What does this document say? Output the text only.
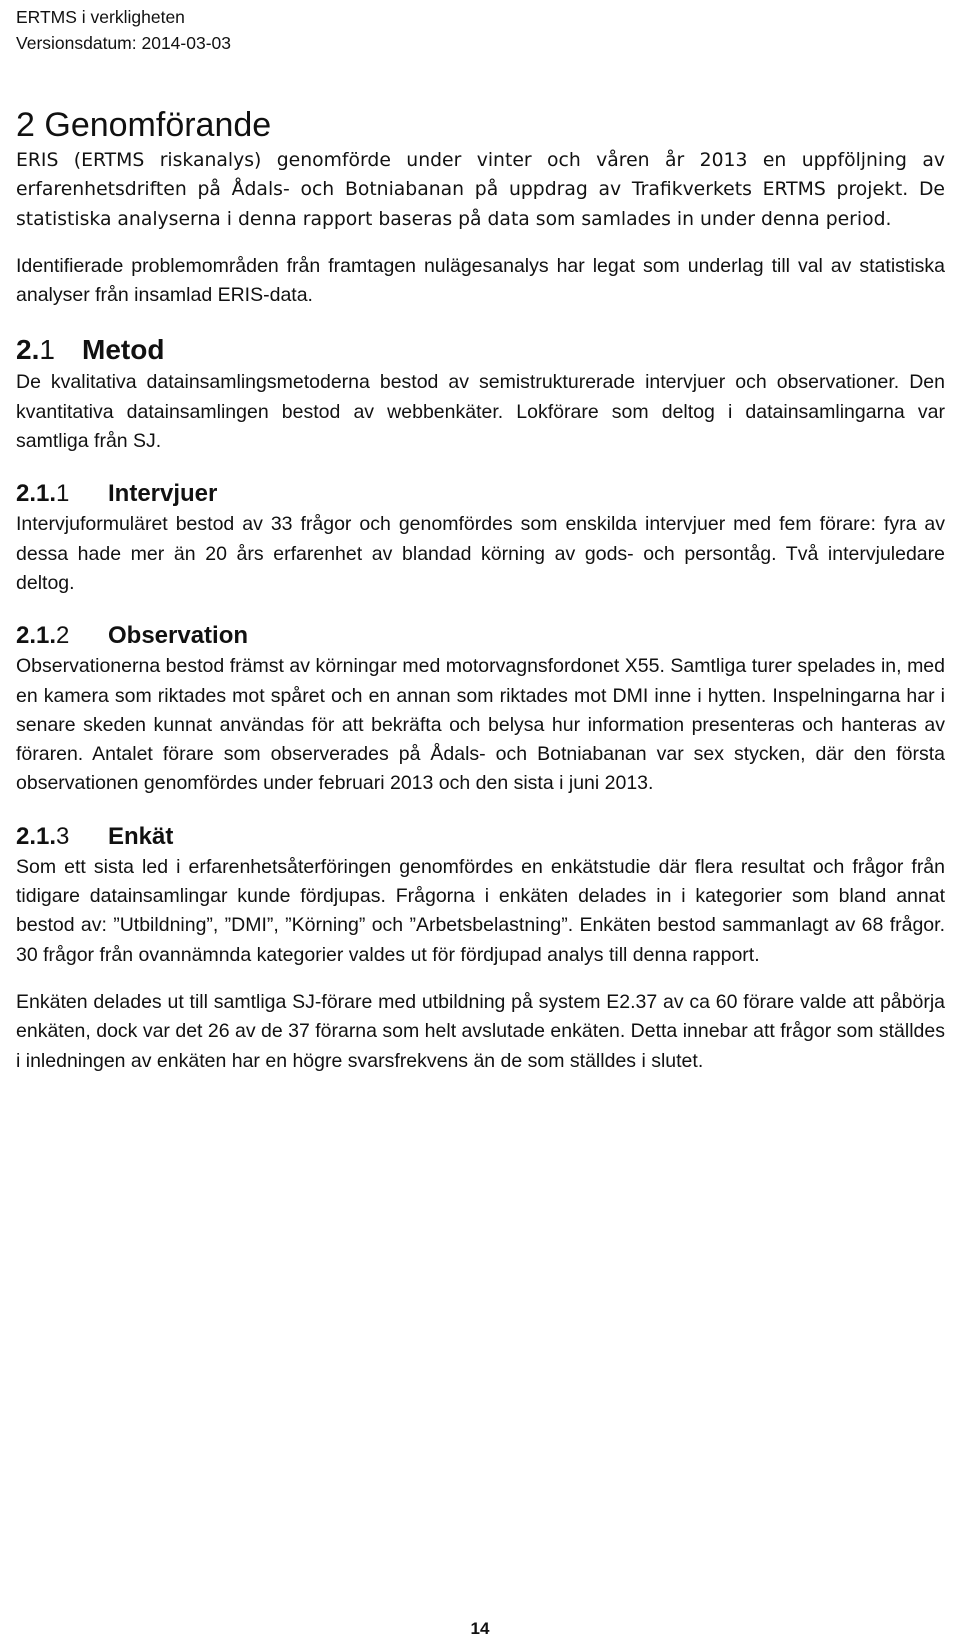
ERTMS i verkligheten
Versionsdatum: 2014-03-03
2 Genomförande

ERIS (ERTMS riskanalys) genomförde under vinter och våren år 2013 en uppföljning av erfarenhetsdriften på Ådals- och Botniabanan på uppdrag av Trafikverkets ERTMS projekt. De statistiska analyserna i denna rapport baseras på data som samlades in under denna period.

Identifierade problemområden från framtagen nulägesanalys har legat som underlag till val av statistiska analyser från insamlad ERIS-data.

2.1 Metod

De kvalitativa datainsamlingsmetoderna bestod av semistrukturerade intervjuer och observationer. Den kvantitativa datainsamlingen bestod av webbenkäter. Lokförare som deltog i datainsamlingarna var samtliga från SJ.

2.1.1	Intervjuer

Intervjuformuläret bestod av 33 frågor och genomfördes som enskilda intervjuer med fem förare: fyra av dessa hade mer än 20 års erfarenhet av blandad körning av gods- och persontåg. Två intervjuledare deltog.

2.1.2	Observation

Observationerna bestod främst av körningar med motorvagnsfordonet X55. Samtliga turer spelades in, med en kamera som riktades mot spåret och en annan som riktades mot DMI inne i hytten. Inspelningarna har i senare skeden kunnat användas för att bekräfta och belysa hur information presenteras och hanteras av föraren. Antalet förare som observerades på Ådals- och Botniabanan var sex stycken, där den första observationen genomfördes under februari 2013 och den sista i juni 2013.

2.1.3	Enkät

Som ett sista led i erfarenhetsåterföringen genomfördes en enkätstudie där flera resultat och frågor från tidigare datainsamlingar kunde fördjupas. Frågorna i enkäten delades in i kategorier som bland annat bestod av: ”Utbildning”, ”DMI”, ”Körning” och ”Arbetsbelastning”. Enkäten bestod sammanlagt av 68 frågor. 30 frågor från ovannämnda kategorier valdes ut för fördjupad analys till denna rapport.

Enkäten delades ut till samtliga SJ-förare med utbildning på system E2.37 av ca 60 förare valde att påbörja enkäten, dock var det 26 av de 37 förarna som helt avslutade enkäten. Detta innebar att frågor som ställdes i inledningen av enkäten har en högre svarsfrekvens än de som ställdes i slutet.

14
